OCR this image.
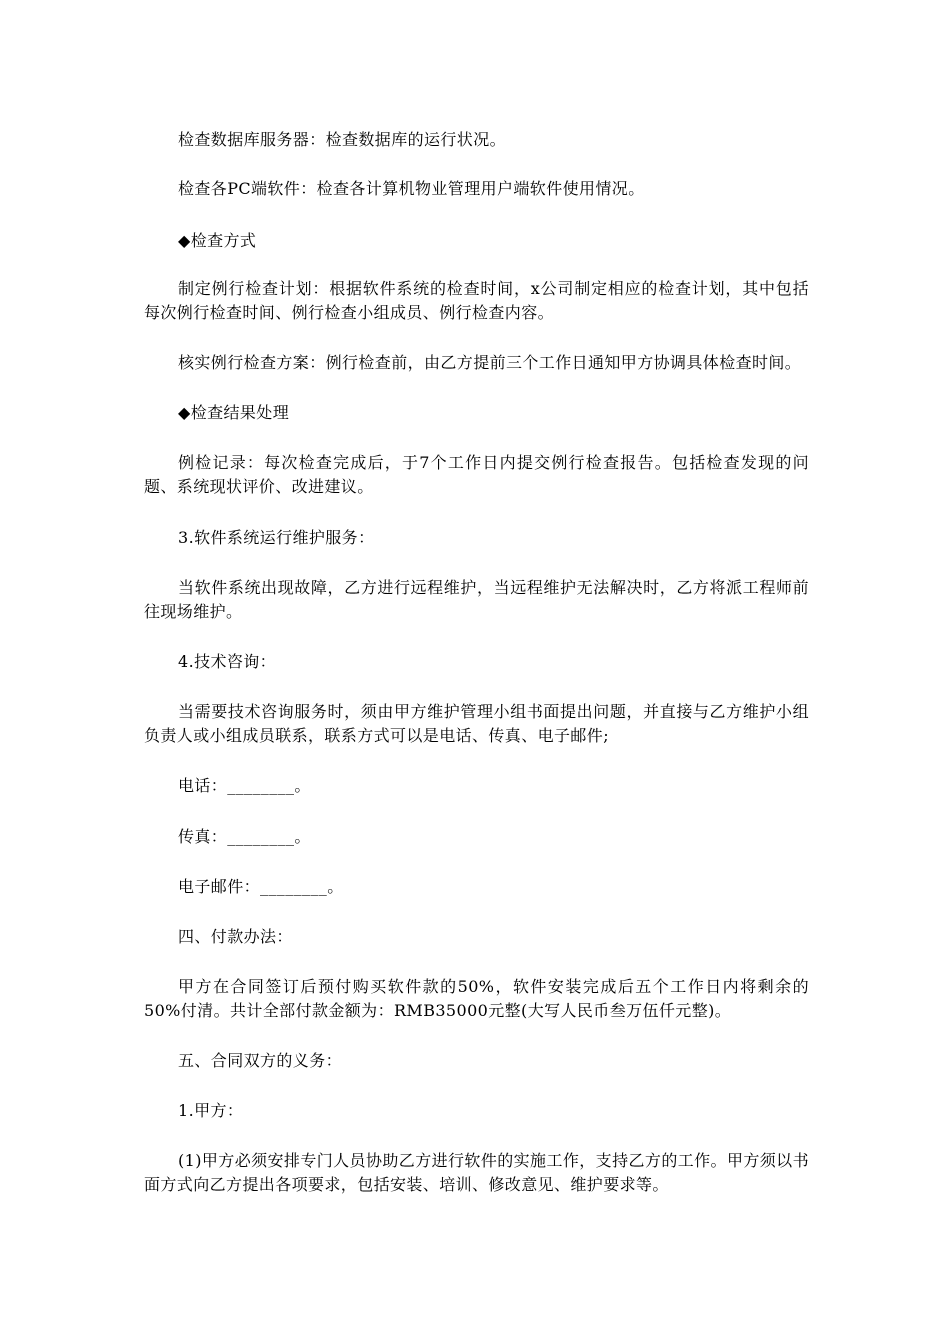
检查数据库服务器：检查数据库的运行状况。

检查各PC端软件：检查各计算机物业管理用户端软件使用情况。

◆检查方式

制定例行检查计划：根据软件系统的检查时间，x公司制定相应的检查计划，其中包括每次例行检查时间、例行检查小组成员、例行检查内容。

核实例行检查方案：例行检查前，由乙方提前三个工作日通知甲方协调具体检查时间。

◆检查结果处理

例检记录：每次检查完成后，于7个工作日内提交例行检查报告。包括检查发现的问题、系统现状评价、改进建议。

3.软件系统运行维护服务：

当软件系统出现故障，乙方进行远程维护，当远程维护无法解决时，乙方将派工程师前往现场维护。

4.技术咨询：

当需要技术咨询服务时，须由甲方维护管理小组书面提出问题，并直接与乙方维护小组负责人或小组成员联系，联系方式可以是电话、传真、电子邮件;

电话：________。

传真：________。

电子邮件：________。

四、付款办法：

甲方在合同签订后预付购买软件款的50%，软件安装完成后五个工作日内将剩余的50%付清。共计全部付款金额为：RMB35000元整(大写人民币叁万伍仟元整)。

五、合同双方的义务：

1.甲方：

(1)甲方必须安排专门人员协助乙方进行软件的实施工作，支持乙方的工作。甲方须以书面方式向乙方提出各项要求，包括安装、培训、修改意见、维护要求等。
